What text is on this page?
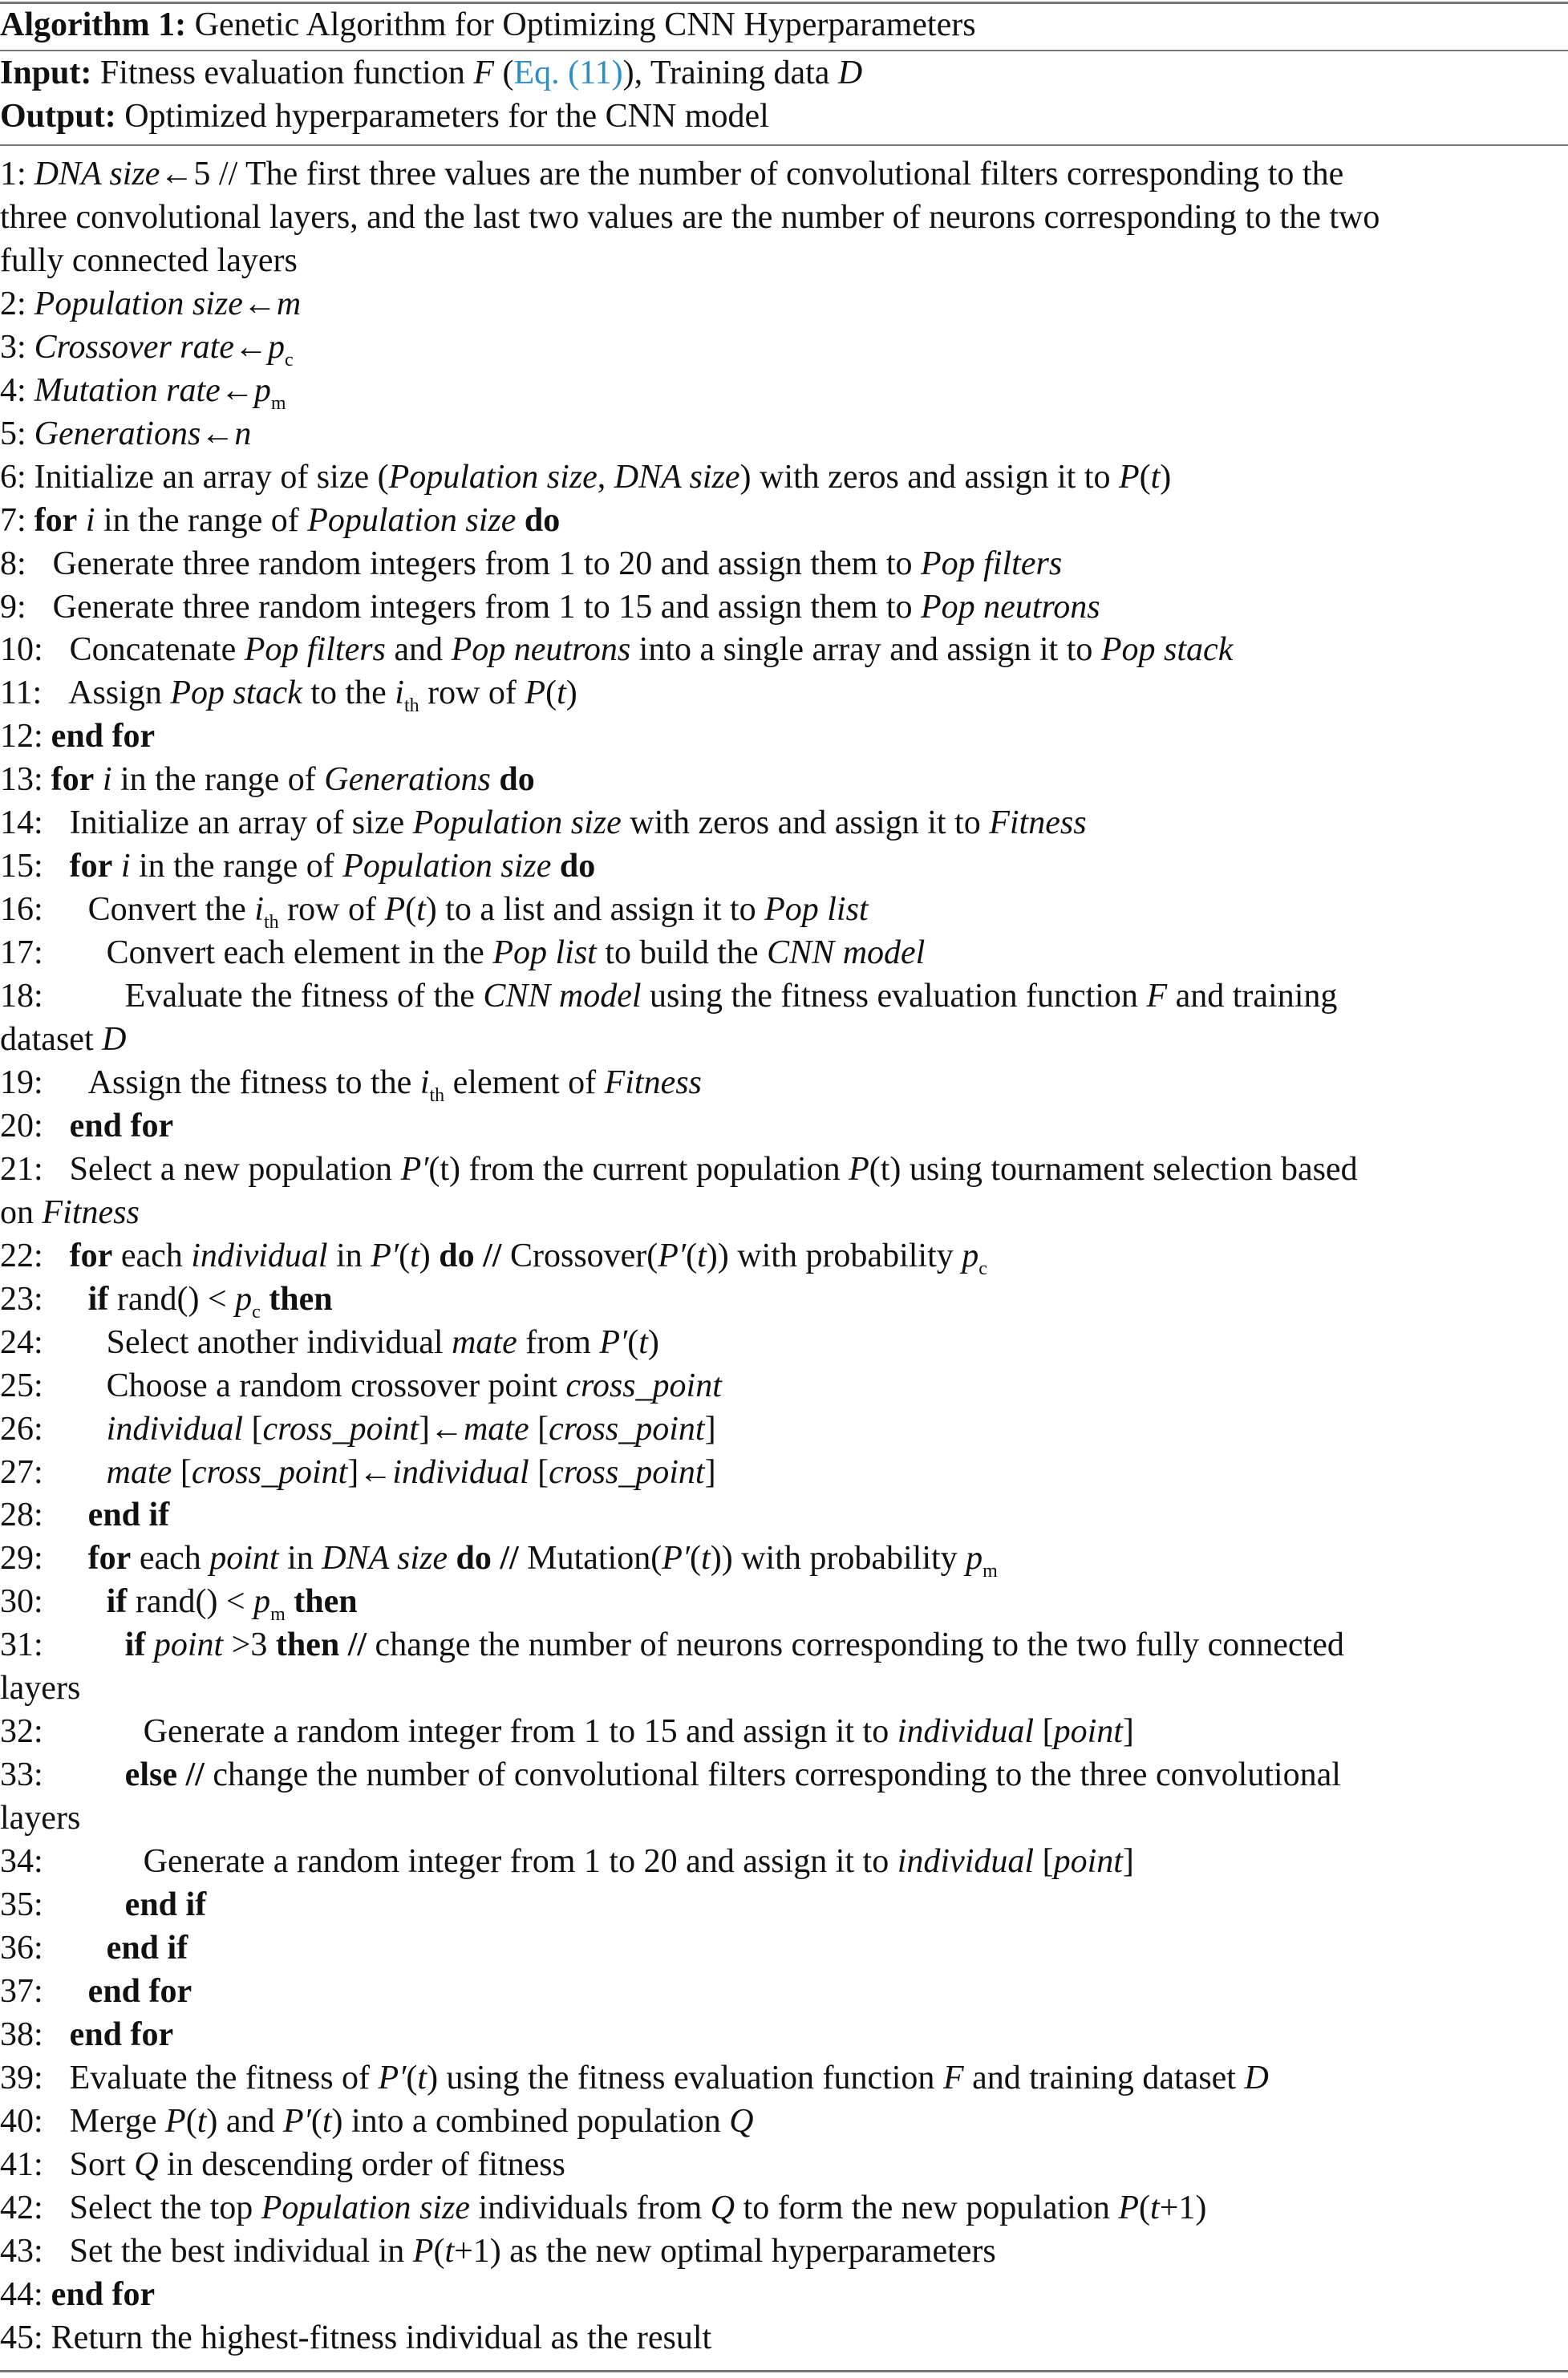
Algorithm 1: Genetic Algorithm for Optimizing CNN Hyperparameters
Input: Fitness evaluation function F (Eq. (11)), Training data D
Output: Optimized hyperparameters for the CNN model
1: DNA size←5 // The first three values are the number of convolutional filters corresponding to the
three convolutional layers, and the last two values are the number of neurons corresponding to the two
fully connected layers
2: Population size←m
3: Crossover $rate\leftarrow p_c$
4: Mutation $rate\leftarrow p_m$
5: Generations←n
6: Initialize an array of size (Population size, DNA size) with zeros and assign it to P(t)
7: for i in the range of Population size do
8: Generate three random integers from 1 to 20 and assign them to Pop filters
9: Generate three random integers from 1 to 15 and assign them to Pop neutrons
10: Concatenate Pop filters and Pop neutrons into a single array and assign it to Pop stack
11: Assign Pop stack to the $i_{th}$ row of P(t)
12: end for
13: for i in the range of Generations do
14: Initialize an array of size Population size with zeros and assign it to Fitness
15: for i in the range of Population size do
16: Convert the $i_{th}$ row of P(t) to a list and assign it to Pop list
17: Convert each element in the Pop list to build the CNN model
18: Evaluate the fitness of the CNN model using the fitness evaluation function F and training
dataset D
19: Assign the fitness to the $i_{th}$ element of Fitness
20: end for
21: Select a new population P′(t) from the current population P(t) using tournament selection based
on Fitness
22: for each individual in P′(t) do // Crossover(P′(t)) with probability $p_c$
23: if rand() < $p_c$ then
24: Select another individual mate from P′(t)
25: Choose a random crossover point cross_point
26: individual [cross_point]←mate [cross_point]
27: mate [cross_point]←individual [cross_point]
28: end if
29: for each point in DNA size do // Mutation(P′(t)) with probability $p_m$
30: if rand() < $p_m$ then
31: if point >3 then // change the number of neurons corresponding to the two fully connected
layers
32:	Generate a random integer from 1 to 15 and assign it to individual [point]
33: else // change the number of convolutional filters corresponding to the three convolutional
layers
34:	Generate a random integer from 1 to 20 and assign it to individual [point]
35: end if
36: end if
37: end for
38: end for
39: Evaluate the fitness of P′(t) using the fitness evaluation function F and training dataset D
40: Merge P(t) and P′(t) into a combined population Q
41: Sort Q in descending order of fitness
42: Select the top Population size individuals from Q to form the new population P(t+1)
43: Set the best individual in P(t+1) as the new optimal hyperparameters
44: end for
45: Return the highest-fitness individual as the result
